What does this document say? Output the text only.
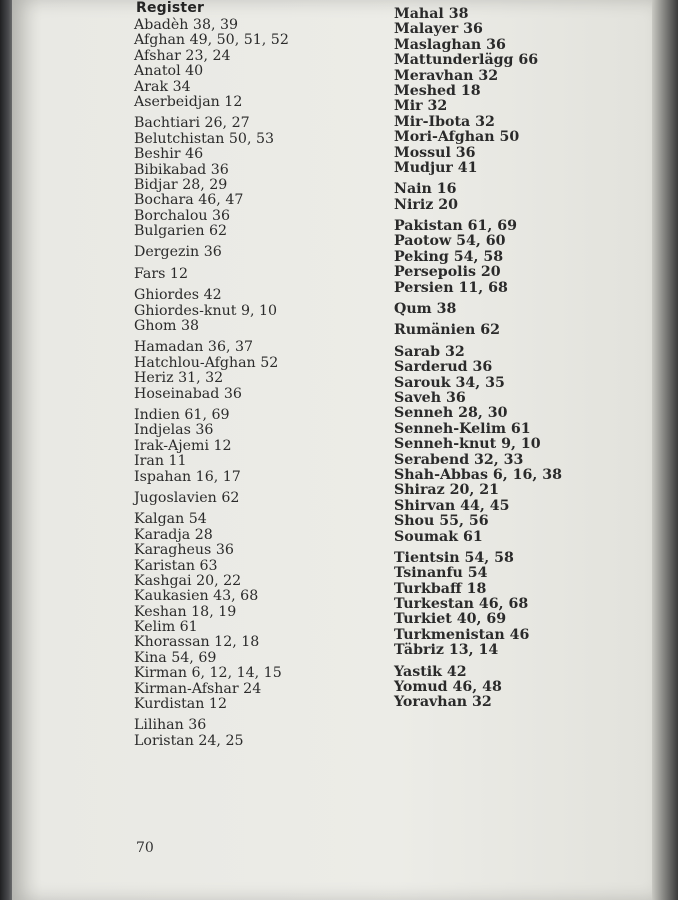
Register
Abadèh 38, 39
Afghan 49, 50, 51, 52
Afshar 23, 24
Anatol 40
Arak 34
Aserbeidjan 12
Bachtiari 26, 27
Belutchistan 50, 53
Beshir 46
Bibikabad 36
Bidjar 28, 29
Bochara 46, 47
Borchalou 36
Bulgarien 62
Dergezin 36
Fars 12
Ghiordes 42
Ghiordes-knut 9, 10
Ghom 38
Hamadan 36, 37
Hatchlou-Afghan 52
Heriz 31, 32
Hoseinabad 36
Indien 61, 69
Indjelas 36
Irak-Ajemi 12
Iran 11
Ispahan 16, 17
Jugoslavien 62
Kalgan 54
Karadja 28
Karagheus 36
Karistan 63
Kashgai 20, 22
Kaukasien 43, 68
Keshan 18, 19
Kelim 61
Khorassan 12, 18
Kina 54, 69
Kirman 6, 12, 14, 15
Kirman-Afshar 24
Kurdistan 12
Lilihan 36
Loristan 24, 25
Mahal 38
Malayer 36
Maslaghan 36
Mattunderlägg 66
Meravhan 32
Meshed 18
Mir 32
Mir-Ibota 32
Mori-Afghan 50
Mossul 36
Mudjur 41
Nain 16
Niriz 20
Pakistan 61, 69
Paotow 54, 60
Peking 54, 58
Persepolis 20
Persien 11, 68
Qum 38
Rumänien 62
Sarab 32
Sarderud 36
Sarouk 34, 35
Saveh 36
Senneh 28, 30
Senneh-Kelim 61
Senneh-knut 9, 10
Serabend 32, 33
Shah-Abbas 6, 16, 38
Shiraz 20, 21
Shirvan 44, 45
Shou 55, 56
Soumak 61
Tientsin 54, 58
Tsinanfu 54
Turkbaff 18
Turkestan 46, 68
Turkiet 40, 69
Turkmenistan 46
Täbriz 13, 14
Yastik 42
Yomud 46, 48
Yoravhan 32
70
